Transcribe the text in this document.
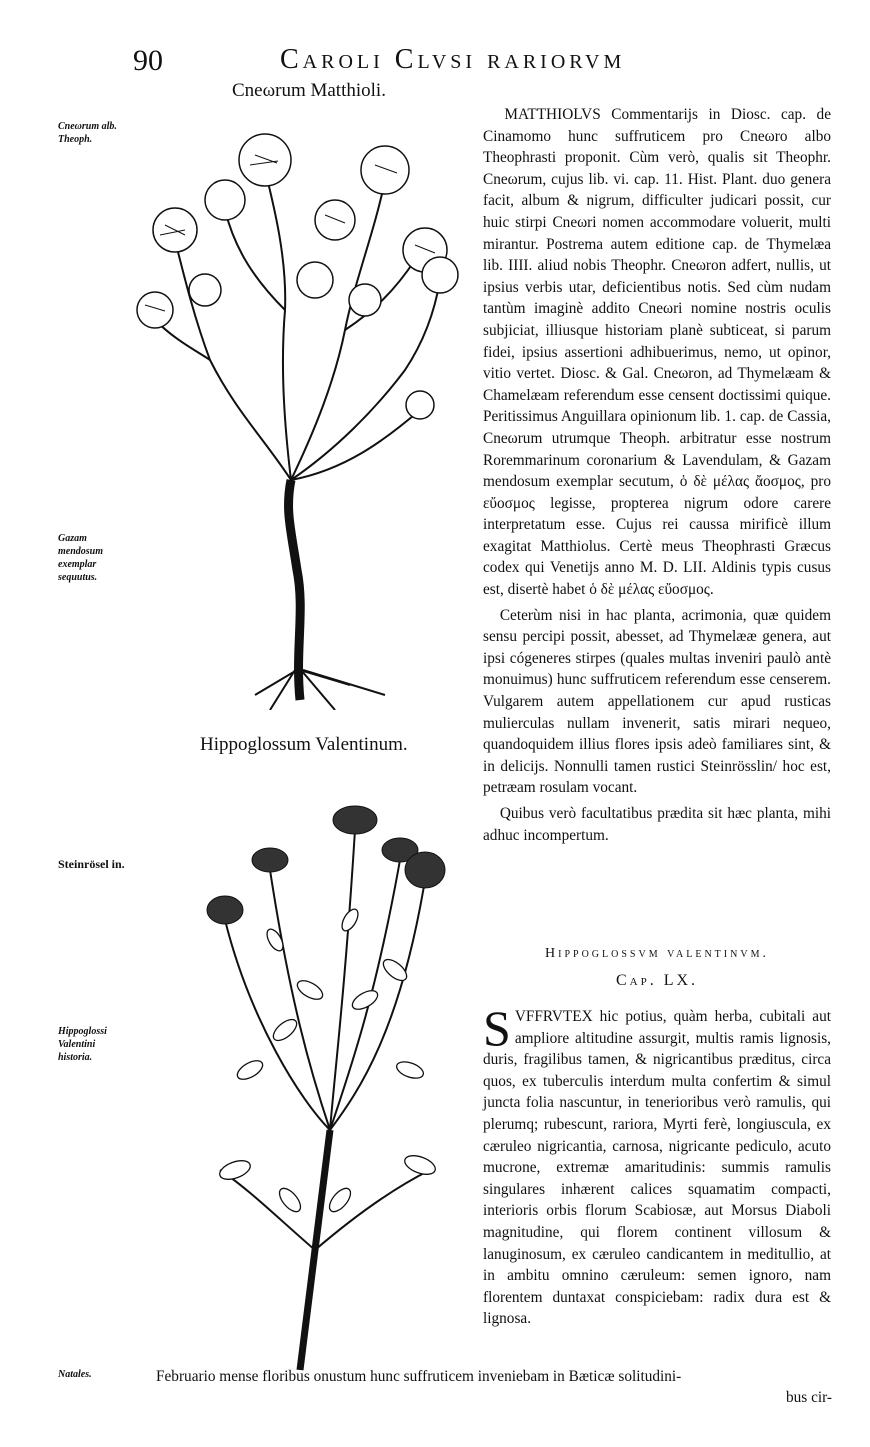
90	Caroli Clvsi rariorvm
Cneωrum Matthioli.
Cneωrum alb. Theoph.
Gazam mendosum exemplar sequutus.
Steinrösel in.
Hippoglossi Valentini historia.
Natales.

MATTHIOLVS Commentarijs in Diosc. cap. de Cinamomo hunc suffruticem pro Cneωro albo Theophrasti proponit. Cùm verò, qualis sit Theophr. Cneωrum, cujus lib. vi. cap. 11. Hist. Plant. duo genera facit, album & nigrum, difficulter judicari possit, cur huic stirpi Cneωri nomen accommodare voluerit, multi mirantur. Postrema autem editione cap. de Thymelæa lib. IIII. aliud nobis Theophr. Cneωron adfert, nullis, ut ipsius verbis utar, deficientibus notis. Sed cùm nudam tantùm imaginè addito Cneωri nomine nostris oculis subjiciat, illiusque historiam planè subticeat, si parum fidei, ipsius assertioni adhibuerimus, nemo, ut opinor, vitio vertet. Diosc. & Gal. Cneωron, ad Thymelæam & Chamelæam referendum esse censent doctissimi quique. Peritissimus Anguillara opinionum lib. 1. cap. de Cassia, Cneωrum utrumque Theoph. arbitratur esse nostrum Roremmarinum coronarium & Lavendulam, & Gazam mendosum exemplar secutum, ὁ δὲ μέλας ἄοσμος, pro εὔοσμος legisse, propterea nigrum odore carere interpretatum esse. Cujus rei caussa mirificè illum exagitat Matthiolus. Certè meus Theophrasti Græcus codex qui Venetijs anno M. D. LII. Aldinis typis cusus est, disertè habet ὁ δὲ μέλας εὔοσμος.

Ceterùm nisi in hac planta, acrimonia, quæ quidem sensu percipi possit, abesset, ad Thymelææ genera, aut ipsi cógeneres stirpes (quales multas inveniri paulò antè monuimus) hunc suffruticem referendum esse censerem. Vulgarem autem appellationem cur apud rusticas mulierculas nullam invenerit, satis mirari nequeo, quandoquidem illius flores ipsis adeò familiares sint, & in delicijs. Nonnulli tamen rustici Steinrösslin/ hoc est, petræam rosulam vocant.

Quibus verò facultatibus prædita sit hæc planta, mihi adhuc incompertum.

Hippoglossum Valentinum.
Hippoglossvm valentinvm.
Cap. LX.
S VFFRVTEX hic potius, quàm herba, cubitali aut ampliore altitudine assurgit, multis ramis lignosis, duris, fragilibus tamen, & nigricantibus præditus, circa quos, ex tuberculis interdum multa confertim & simul juncta folia nascuntur, in tenerioribus verò ramulis, qui plerumq; rubescunt, rariora, Myrti ferè, longiuscula, ex cæruleo nigricantia, carnosa, nigricante pediculo, acuto mucrone, extremæ amaritudinis: summis ramulis singulares inhærent calices squamatim compacti, interioris orbis florum Scabiosæ, aut Morsus Diaboli magnitudine, qui florem continent villosum & lanuginosum, ex cæruleo candicantem in meditullio, at in ambitu omnino cæruleum: semen ignoro, nam florentem duntaxat conspiciebam: radix dura est & lignosa.
Februario mense floribus onustum hunc suffruticem inveniebam in Bæticæ solitudini-
bus cir-
